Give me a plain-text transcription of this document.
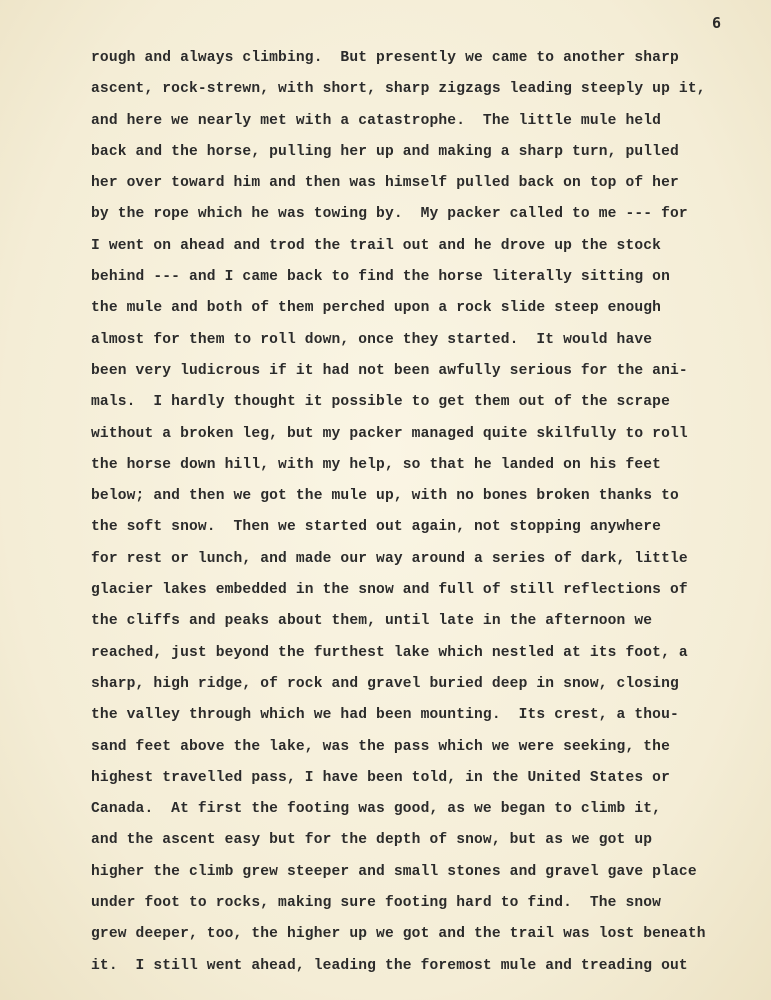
6
rough and always climbing.  But presently we came to another sharp
ascent, rock-strewn, with short, sharp zigzags leading steeply up it,
and here we nearly met with a catastrophe.  The little mule held
back and the horse, pulling her up and making a sharp turn, pulled
her over toward him and then was himself pulled back on top of her
by the rope which he was towing by.  My packer called to me --- for
I went on ahead and trod the trail out and he drove up the stock
behind --- and I came back to find the horse literally sitting on
the mule and both of them perched upon a rock slide steep enough
almost for them to roll down, once they started.  It would have
been very ludicrous if it had not been awfully serious for the ani-
mals.  I hardly thought it possible to get them out of the scrape
without a broken leg, but my packer managed quite skilfully to roll
the horse down hill, with my help, so that he landed on his feet
below; and then we got the mule up, with no bones broken thanks to
the soft snow.  Then we started out again, not stopping anywhere
for rest or lunch, and made our way around a series of dark, little
glacier lakes embedded in the snow and full of still reflections of
the cliffs and peaks about them, until late in the afternoon we
reached, just beyond the furthest lake which nestled at its foot, a
sharp, high ridge, of rock and gravel buried deep in snow, closing
the valley through which we had been mounting.  Its crest, a thou-
sand feet above the lake, was the pass which we were seeking, the
highest travelled pass, I have been told, in the United States or
Canada.  At first the footing was good, as we began to climb it,
and the ascent easy but for the depth of snow, but as we got up
higher the climb grew steeper and small stones and gravel gave place
under foot to rocks, making sure footing hard to find.  The snow
grew deeper, too, the higher up we got and the trail was lost beneath
it.  I still went ahead, leading the foremost mule and treading out
